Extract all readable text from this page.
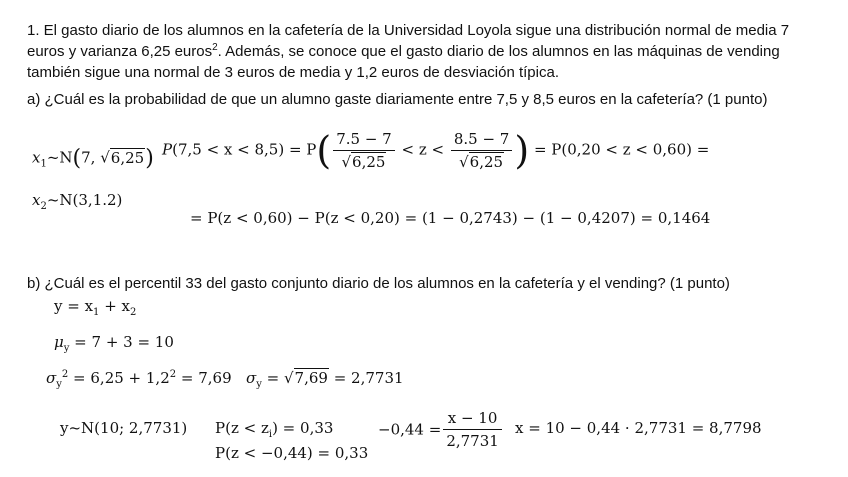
1. El gasto diario de los alumnos en la cafetería de la Universidad Loyola sigue una distribución normal de media 7
euros y varianza 6,25 euros$^2$. Además, se conoce que el gasto diario de los alumnos en las máquinas de vending
también sigue una normal de 3 euros de media y 1,2 euros de desviación típica.
a) ¿Cuál es la probabilidad de que un alumno gaste diariamente entre 7,5 y 8,5 euros en la cafetería? (1 punto)
$x_1\sim N(7$, √6,25) $P(7,5 < x < 8,5) = P( \frac{7.5 - 7}{√6,25} < z < \frac{8.5 - 7}{√6,25}$ ) = P(0,20 < z < 0,60) =
$x_2\sim N(3,1.2)$
= P(z < 0,60) − P(z < 0,20) = (1 − 0,2743) − (1 − 0,4207) = 0,1464
b) ¿Cuál es el percentil 33 del gasto conjunto diario de los alumnos en la cafetería y el vending? (1 punto)
$y = x_1 + x_2$
$\mu_y = 7 + 3 = 10$
$\sigma_y^2 = 6,25 + 1,2^2 = 7,69$ $\sigma_y = √7,69 = 2,7731$
y~N(10; 2,7731) $P(z < z_i) = 0,33$
P(z < −0,44) = 0,33
$-0,44 = \frac{x - 10}{2,7731}$ x = 10 − 0,44 · 2,7731 = 8,7798
